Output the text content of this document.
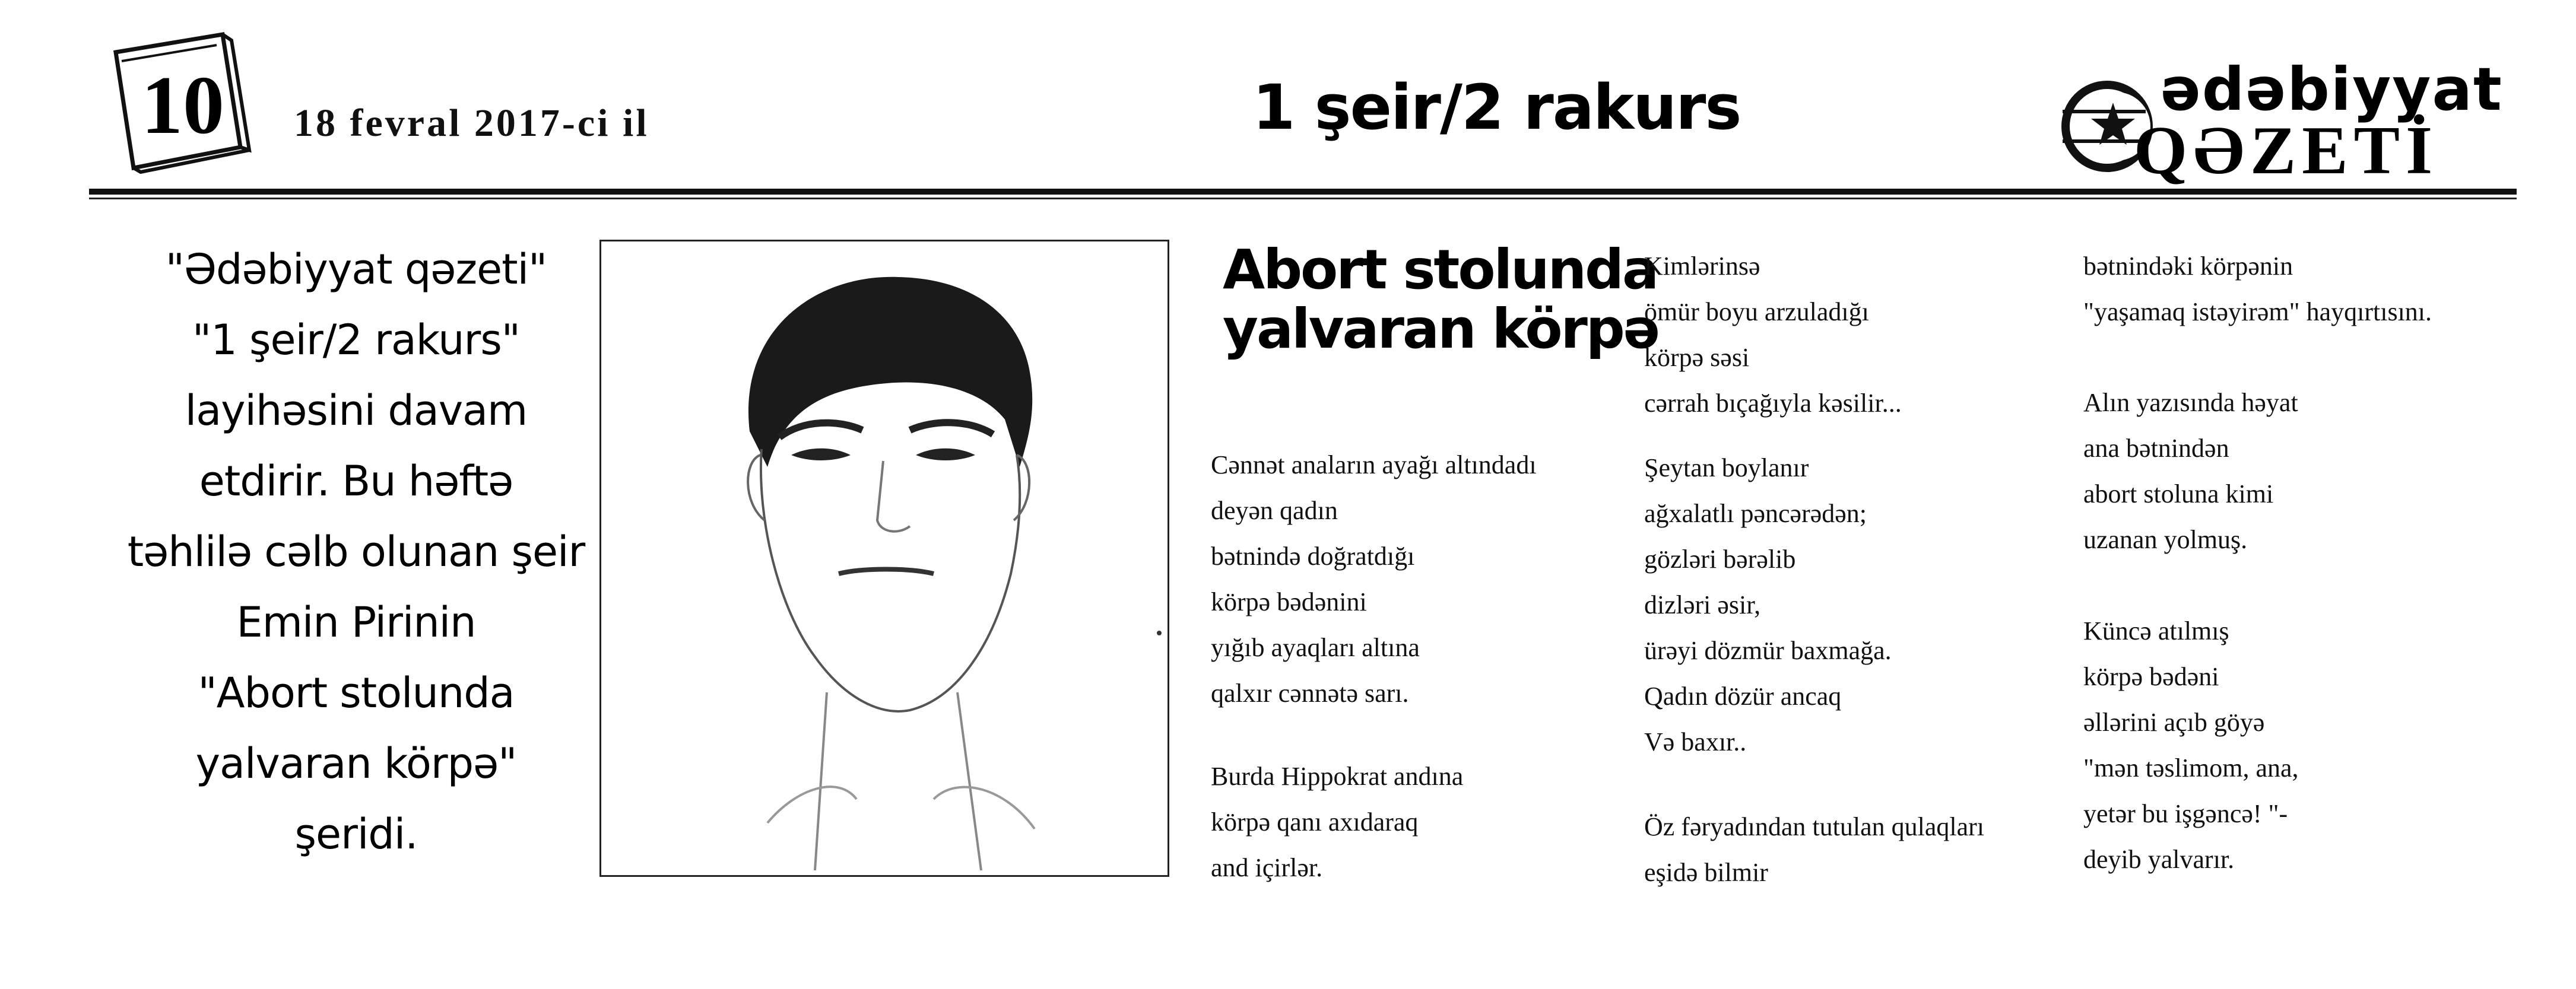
10 18 fevral 2017-ci il	1 şeir/2 rakurs	ədəbiyyat
QƏZETİ
"Ədəbiyyat qəzeti"
"1 şeir/2 rakurs"
layihəsini davam
etdirir. Bu həftə
təhlilə cəlb olunan şeir
Emin Pirinin
"Abort stolunda
yalvaran körpə"
şeridi.
Abort stolunda
yalvaran körpə
Cənnət anaların ayağı altındadı
deyən qadın
bətnində doğratdığı
körpə bədənini
yığıb ayaqları altına
qalxır cənnətə sarı.
Burda Hippokrat andına
körpə qanı axıdaraq
and içirlər.
Kimlərinsə
ömür boyu arzuladığı
körpə səsi
cərrah bıçağıyla kəsilir...
Şeytan boylanır
ağxalatlı pəncərədən;
gözləri bərəlib
dizləri əsir,
ürəyi dözmür baxmağa.
Qadın dözür ancaq
Və baxır..
Öz fəryadından tutulan qulaqları
eşidə bilmir
bətnindəki körpənin
"yaşamaq istəyirəm" hayqırtısını.
Alın yazısında həyat
ana bətnindən
abort stoluna kimi
uzanan yolmuş.
Küncə atılmış
körpə bədəni
əllərini açıb göyə
"mən təslimom, ana,
yetər bu işgəncə! "-
deyib yalvarır.
